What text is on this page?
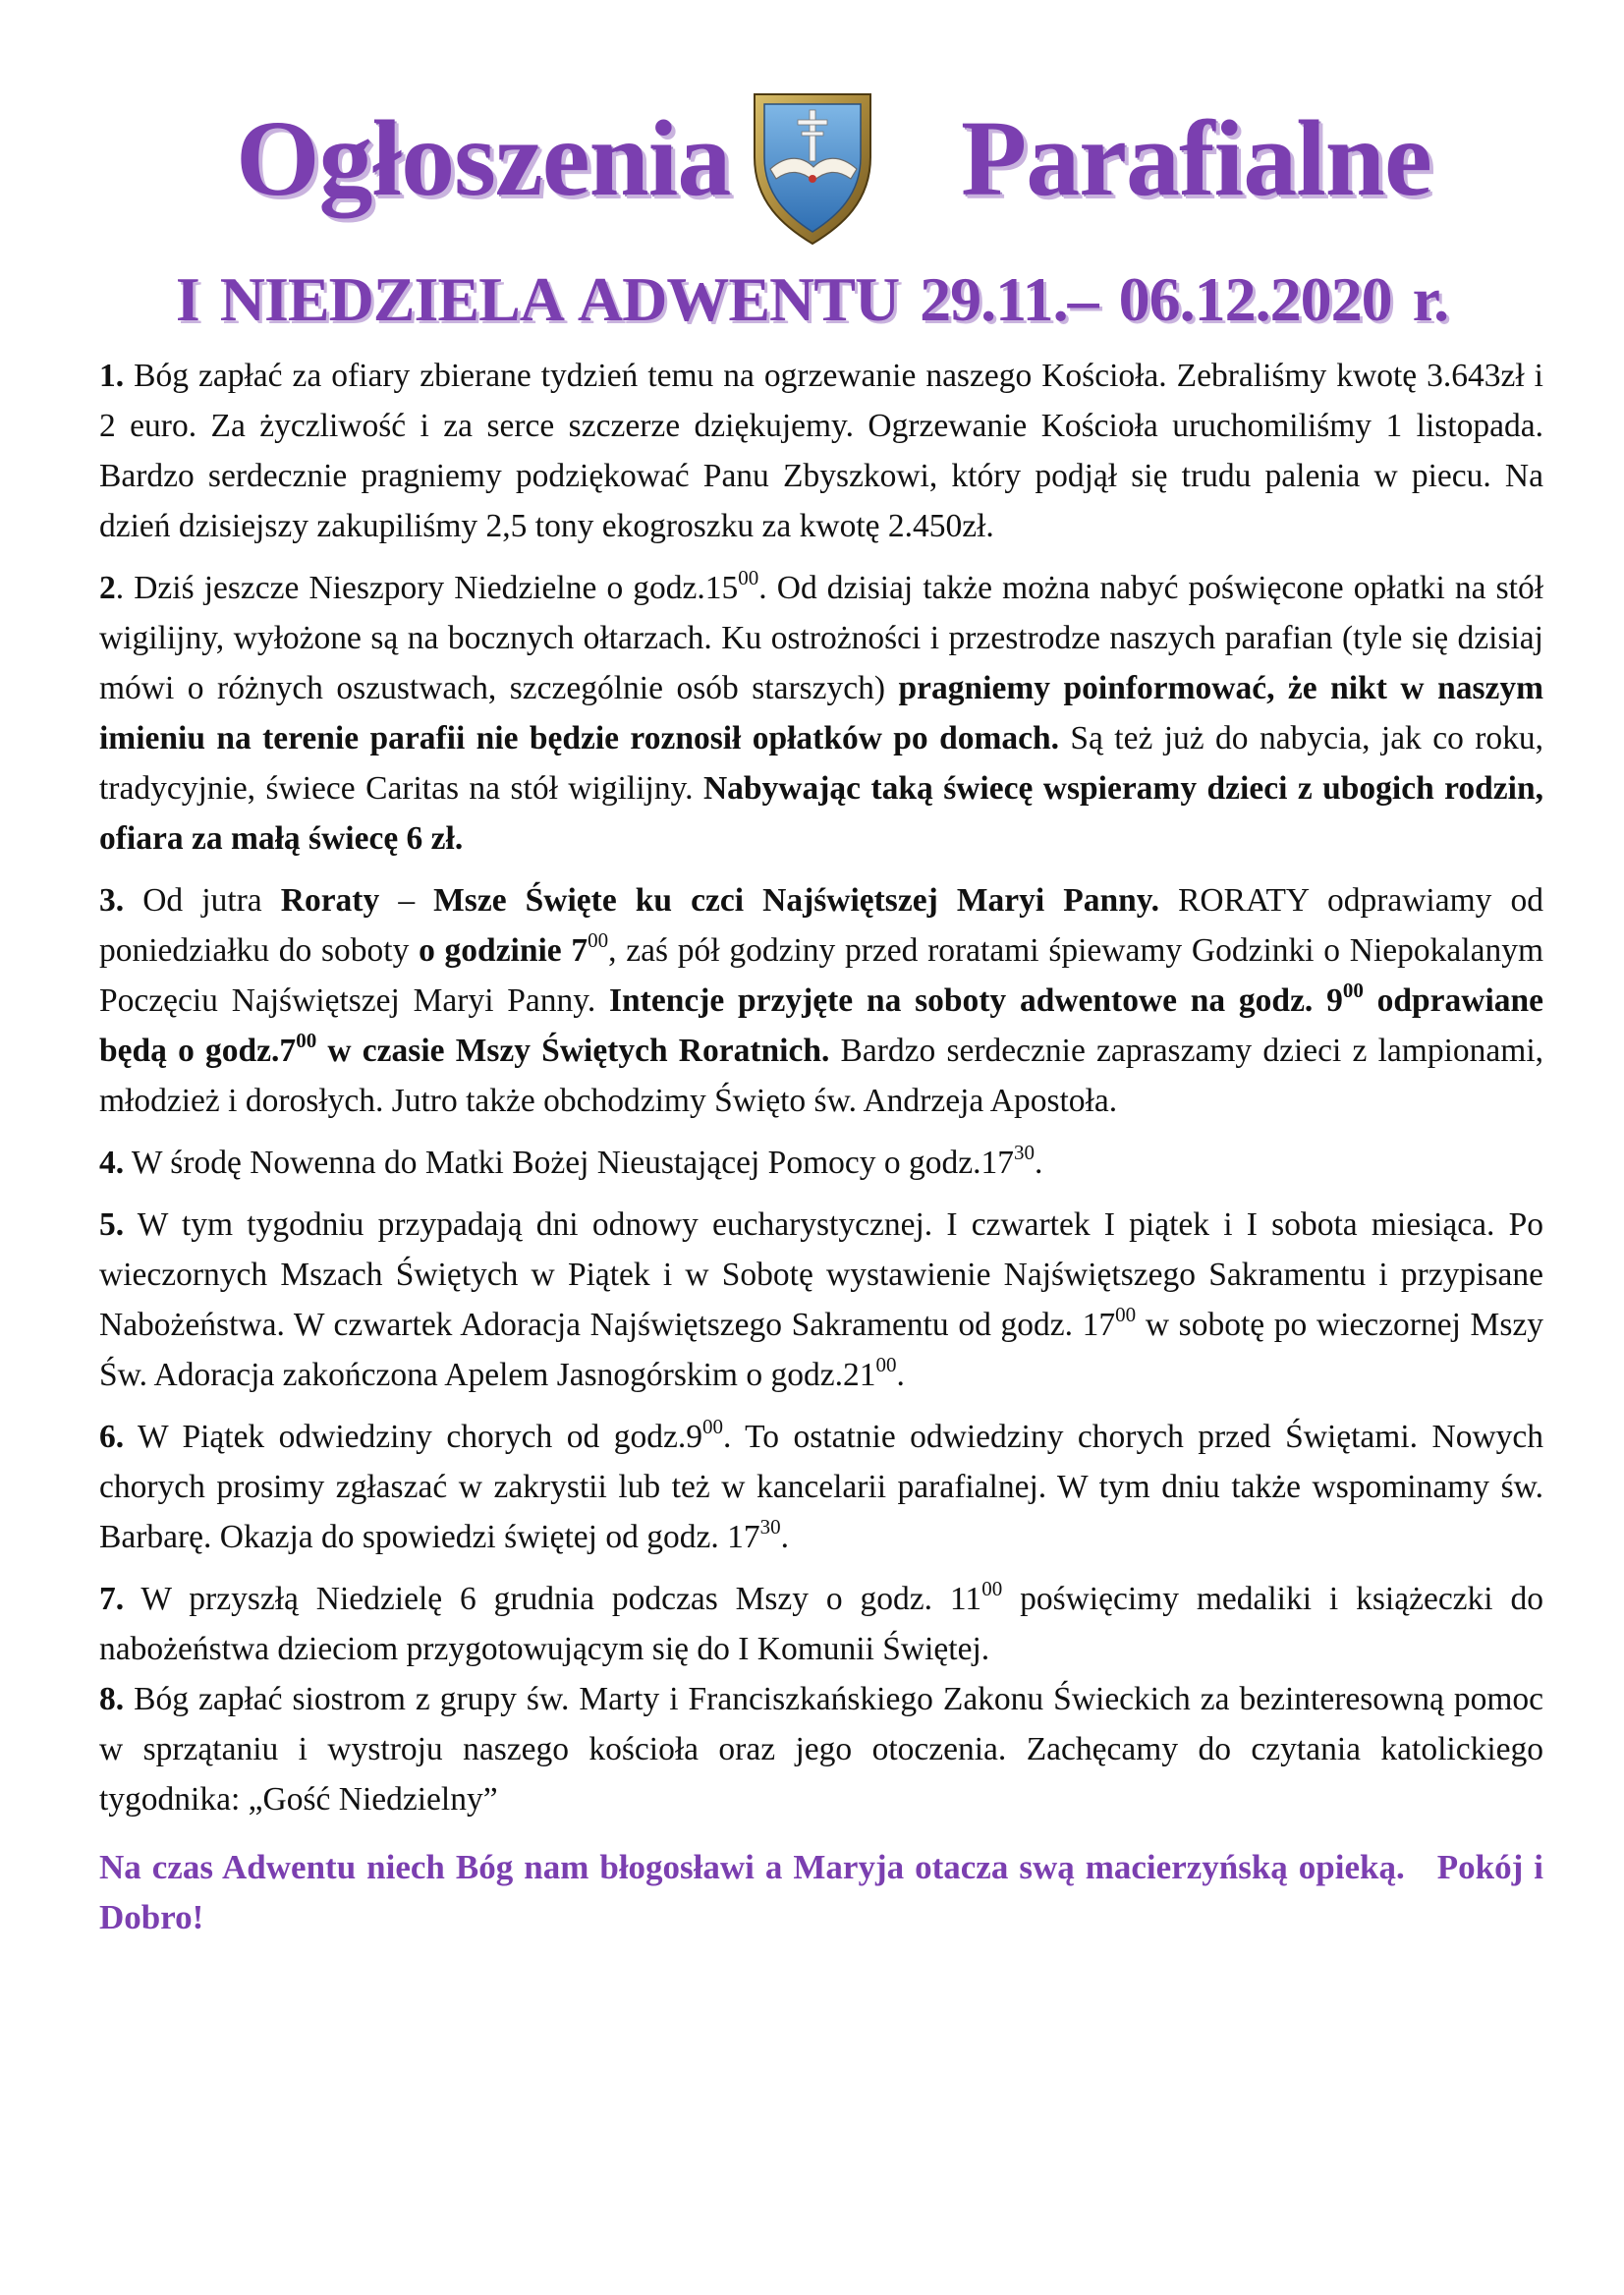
Ogłoszenia Parafialne
I NIEDZIELA ADWENTU 29.11.– 06.12.2020 r.

1. Bóg zapłać za ofiary zbierane tydzień temu na ogrzewanie naszego Kościoła. Zebraliśmy kwotę 3.643zł i 2 euro. Za życzliwość i za serce szczerze dziękujemy. Ogrzewanie Kościoła uruchomiliśmy 1 listopada. Bardzo serdecznie pragniemy podziękować Panu Zbyszkowi, który podjął się trudu palenia w piecu. Na dzień dzisiejszy zakupiliśmy 2,5 tony ekogroszku za kwotę 2.450zł.

2. Dziś jeszcze Nieszpory Niedzielne o $godz.15^{00}$. Od dzisiaj także można nabyć poświęcone opłatki na stół wigilijny, wyłożone są na bocznych ołtarzach. Ku ostrożności i przestrodze naszych parafian (tyle się dzisiaj mówi o różnych oszustwach, szczególnie osób starszych) pragniemy poinformować, że nikt w naszym imieniu na terenie parafii nie będzie roznosił opłatków po domach. Są też już do nabycia, jak co roku, tradycyjnie, świece Caritas na stół wigilijny. Nabywając taką świecę wspieramy dzieci z ubogich rodzin, ofiara za małą świecę 6 zł.

3. Od jutra Roraty – Msze Święte ku czci Najświętszej Maryi Panny. RORATY odprawiamy od poniedziałku do soboty o godzinie $7^{00}$, zaś pół godziny przed roratami śpiewamy Godzinki o Niepokalanym Poczęciu Najświętszej Maryi Panny. Intencje przyjęte na soboty adwentowe na godz. $9^{00}$ odprawiane będą o $godz.7^{00}$ w czasie Mszy Świętych Roratnich. Bardzo serdecznie zapraszamy dzieci z lampionami, młodzież i dorosłych. Jutro także obchodzimy Święto św. Andrzeja Apostoła.

4. W środę Nowenna do Matki Bożej Nieustającej Pomocy o $godz.17^{30}$.

5. W tym tygodniu przypadają dni odnowy eucharystycznej. I czwartek I piątek i I sobota miesiąca. Po wieczornych Mszach Świętych w Piątek i w Sobotę wystawienie Najświętszego Sakramentu i przypisane Nabożeństwa. W czwartek Adoracja Najświętszego Sakramentu od godz. $17^{00}$ w sobotę po wieczornej Mszy Św. Adoracja zakończona Apelem Jasnogórskim o $godz.21^{00}$.

6. W Piątek odwiedziny chorych od $godz.9^{00}$. To ostatnie odwiedziny chorych przed Świętami. Nowych chorych prosimy zgłaszać w zakrystii lub też w kancelarii parafialnej. W tym dniu także wspominamy św. Barbarę. Okazja do spowiedzi świętej od godz. $17^{30}$.

7. W przyszłą Niedzielę 6 grudnia podczas Mszy o godz. $11^{00}$ poświęcimy medaliki i książeczki do nabożeństwa dzieciom przygotowującym się do I Komunii Świętej.

8. Bóg zapłać siostrom z grupy św. Marty i Franciszkańskiego Zakonu Świeckich za bezinteresowną pomoc w sprzątaniu i wystroju naszego kościoła oraz jego otoczenia. Zachęcamy do czytania katolickiego tygodnika: „Gość Niedzielny”

Na czas Adwentu niech Bóg nam błogosławi a Maryja otacza swą macierzyńską opieką. Pokój i Dobro!
